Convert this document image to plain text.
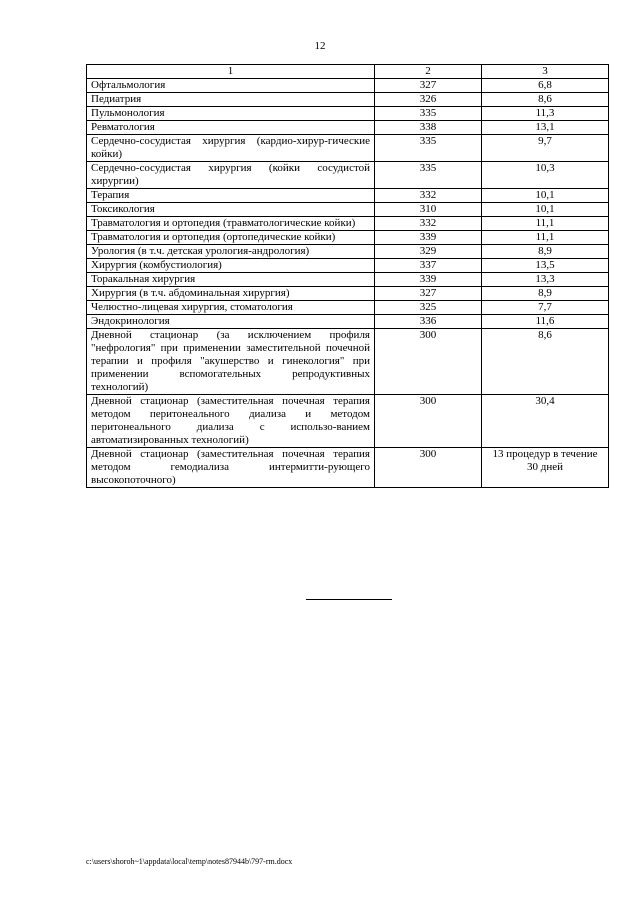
12
1	2	3
Офтальмология	327	6,8
Педиатрия	326	8,6
Пульмонология	335	11,3
Ревматология	338	13,1
Сердечно-сосудистая хирургия (кардио-хирур-гические койки)	335	9,7
Сердечно-сосудистая хирургия (койки сосудистой хирургии)	335	10,3
Терапия	332	10,1
Токсикология	310	10,1
Травматология и ортопедия (травматологические койки)	332	11,1
Травматология и ортопедия (ортопедические койки)	339	11,1
Урология (в т.ч. детская урология-андрология)	329	8,9
Хирургия (комбустиология)	337	13,5
Торакальная хирургия	339	13,3
Хирургия (в т.ч. абдоминальная хирургия)	327	8,9
Челюстно-лицевая хирургия, стоматология	325	7,7
Эндокринология	336	11,6
Дневной стационар (за исключением профиля "нефрология" при применении заместительной почечной терапии и профиля "акушерство и гинекология" при применении вспомогательных репродуктивных технологий)	300	8,6
Дневной стационар (заместительная почечная терапия методом перитонеального диализа и методом перитонеального диализа с использо-ванием автоматизированных технологий)	300	30,4
Дневной стационар (заместительная почечная терапия методом гемодиализа интермитти-рующего высокопоточного)	300	13 процедур в течение 30 дней
c:\users\shoroh~1\appdata\local\temp\notes87944b\797-rm.docx
